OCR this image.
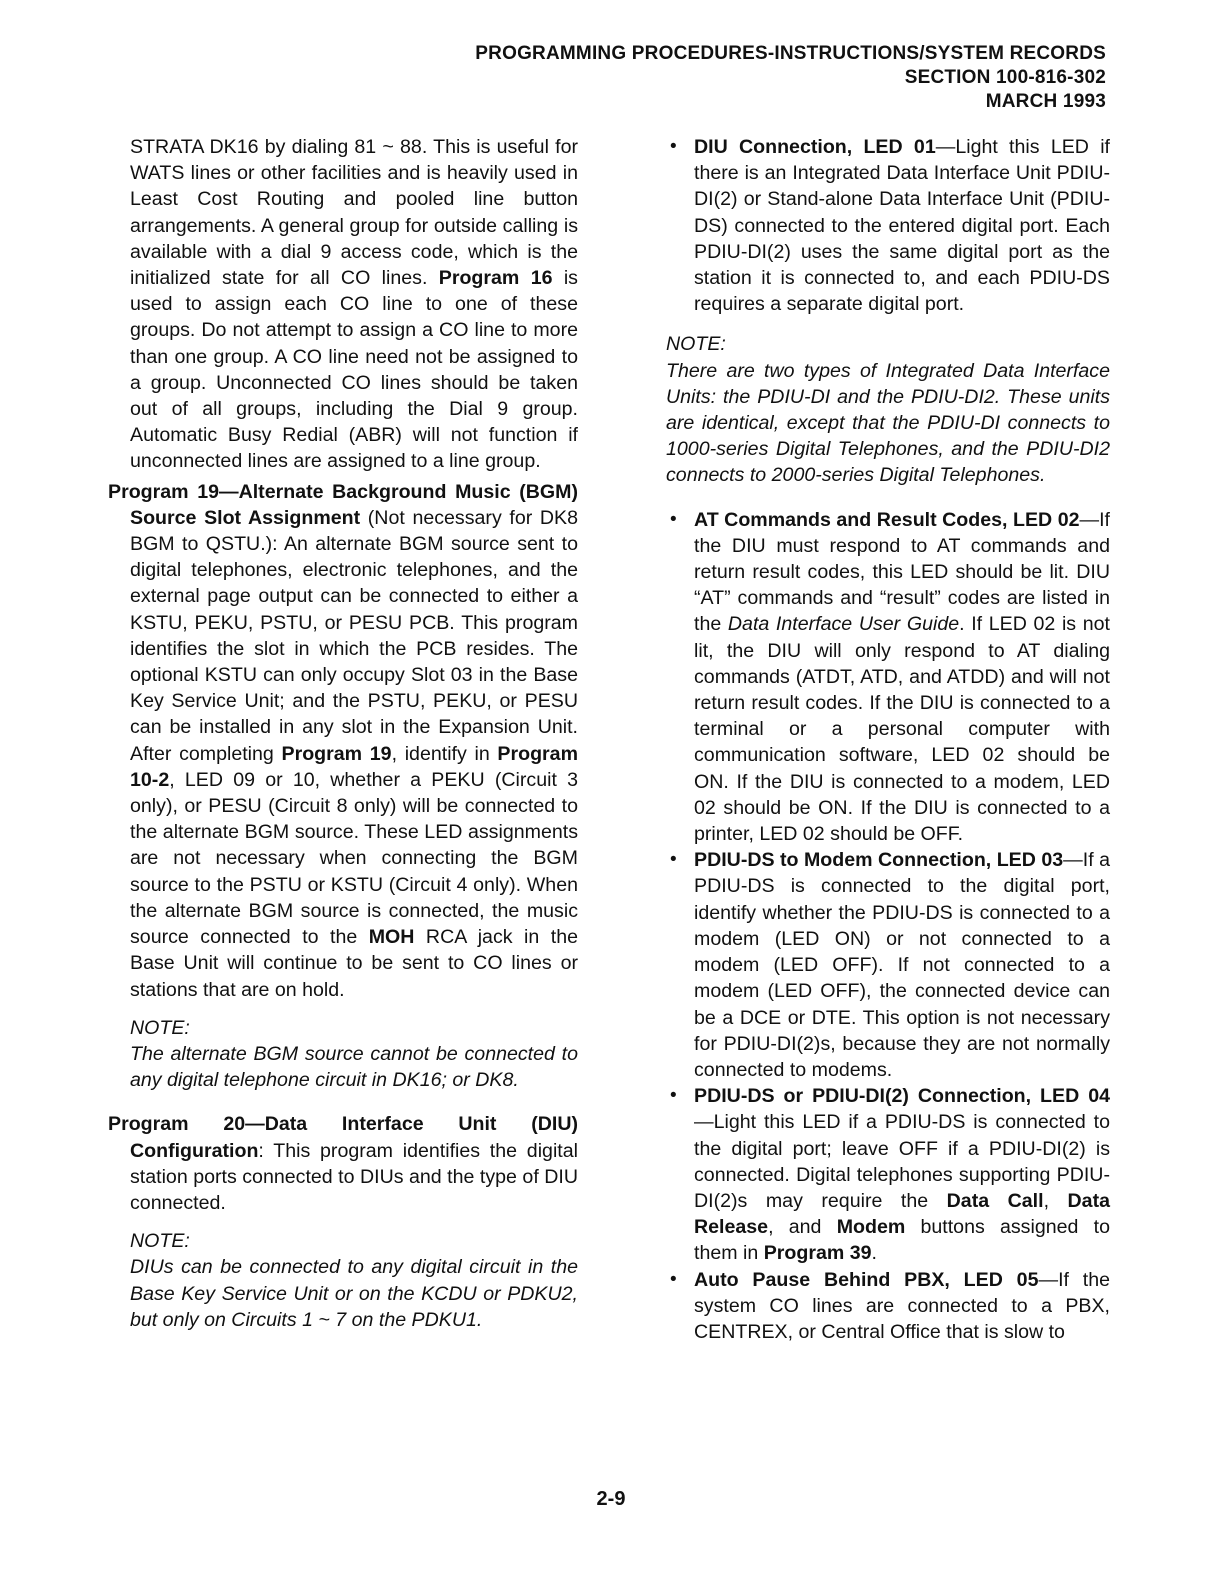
PROGRAMMING PROCEDURES-INSTRUCTIONS/SYSTEM RECORDS
SECTION 100-816-302
MARCH 1993

STRATA DK16 by dialing 81 ~ 88. This is useful for WATS lines or other facilities and is heavily used in Least Cost Routing and pooled line button arrangements. A general group for outside calling is available with a dial 9 access code, which is the initialized state for all CO lines. Program 16 is used to assign each CO line to one of these groups. Do not attempt to assign a CO line to more than one group. A CO line need not be assigned to a group. Unconnected CO lines should be taken out of all groups, including the Dial 9 group. Automatic Busy Redial (ABR) will not function if unconnected lines are assigned to a line group.

Program 19—Alternate Background Music (BGM) Source Slot Assignment (Not necessary for DK8 BGM to QSTU.): An alternate BGM source sent to digital telephones, electronic telephones, and the external page output can be connected to either a KSTU, PEKU, PSTU, or PESU PCB. This program identifies the slot in which the PCB resides. The optional KSTU can only occupy Slot 03 in the Base Key Service Unit; and the PSTU, PEKU, or PESU can be installed in any slot in the Expansion Unit. After completing Program 19, identify in Program 10-2, LED 09 or 10, whether a PEKU (Circuit 3 only), or PESU (Circuit 8 only) will be connected to the alternate BGM source. These LED assignments are not necessary when connecting the BGM source to the PSTU or KSTU (Circuit 4 only). When the alternate BGM source is connected, the music source connected to the MOH RCA jack in the Base Unit will continue to be sent to CO lines or stations that are on hold.

NOTE:

The alternate BGM source cannot be connected to any digital telephone circuit in DK16; or DK8.

Program 20—Data Interface Unit (DIU) Configuration: This program identifies the digital station ports connected to DIUs and the type of DIU connected.

NOTE:

DIUs can be connected to any digital circuit in the Base Key Service Unit or on the KCDU or PDKU2, but only on Circuits 1 ~ 7 on the PDKU1.

• DIU Connection, LED 01—Light this LED if there is an Integrated Data Interface Unit PDIU-DI(2) or Stand-alone Data Interface Unit (PDIU-DS) connected to the entered digital port. Each PDIU-DI(2) uses the same digital port as the station it is connected to, and each PDIU-DS requires a separate digital port.

NOTE:

There are two types of Integrated Data Interface Units: the PDIU-DI and the PDIU-DI2. These units are identical, except that the PDIU-DI connects to 1000-series Digital Telephones, and the PDIU-DI2 connects to 2000-series Digital Telephones.

• AT Commands and Result Codes, LED 02—If the DIU must respond to AT commands and return result codes, this LED should be lit. DIU “AT” commands and “result” codes are listed in the Data Interface User Guide. If LED 02 is not lit, the DIU will only respond to AT dialing commands (ATDT, ATD, and ATDD) and will not return result codes. If the DIU is connected to a terminal or a personal computer with communication software, LED 02 should be ON. If the DIU is connected to a modem, LED 02 should be ON. If the DIU is connected to a printer, LED 02 should be OFF.
• PDIU-DS to Modem Connection, LED 03—If a PDIU-DS is connected to the digital port, identify whether the PDIU-DS is connected to a modem (LED ON) or not connected to a modem (LED OFF). If not connected to a modem (LED OFF), the connected device can be a DCE or DTE. This option is not necessary for PDIU-DI(2)s, because they are not normally connected to modems.
• PDIU-DS or PDIU-DI(2) Connection, LED 04—Light this LED if a PDIU-DS is connected to the digital port; leave OFF if a PDIU-DI(2) is connected. Digital telephones supporting PDIU-DI(2)s may require the Data Call, Data Release, and Modem buttons assigned to them in Program 39.
• Auto Pause Behind PBX, LED 05—If the system CO lines are connected to a PBX, CENTREX, or Central Office that is slow to
2-9
